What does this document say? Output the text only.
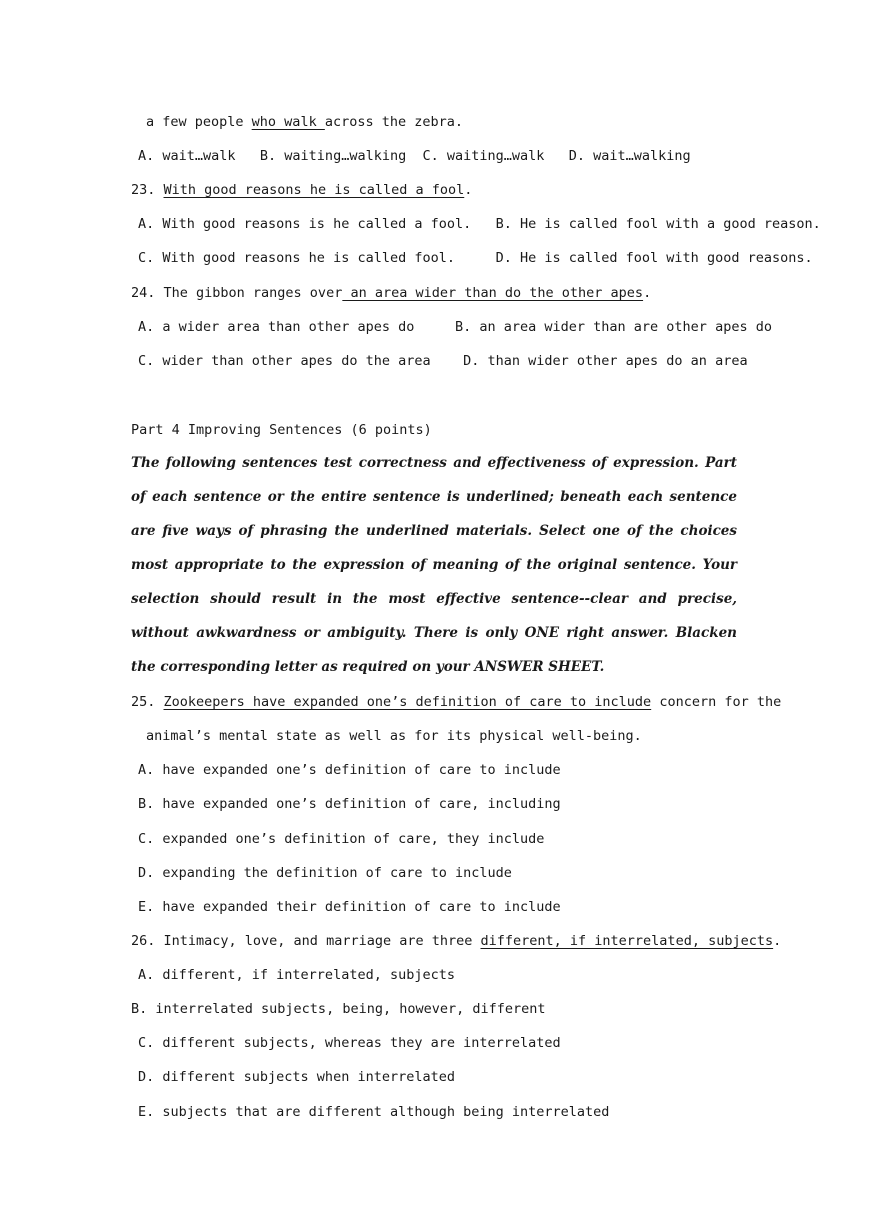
a few people who walk across the zebra.
A. wait…walk   B. waiting…walking  C. waiting…walk   D. wait…walking
23. With good reasons he is called a fool.
A. With good reasons is he called a fool.   B. He is called fool with a good reason.
C. With good reasons he is called fool.     D. He is called fool with good reasons.
24. The gibbon ranges over an area wider than do the other apes.
A. a wider area than other apes do     B. an area wider than are other apes do
C. wider than other apes do the area    D. than wider other apes do an area
Part 4 Improving Sentences (6 points)

The following sentences test correctness and effectiveness of expression. Part of each sentence or the entire sentence is underlined; beneath each sentence are five ways of phrasing the underlined materials. Select one of the choices most appropriate to the expression of meaning of the original sentence. Your selection should result in the most effective sentence--clear and precise, without awkwardness or ambiguity. There is only ONE right answer. Blacken the corresponding letter as required on your ANSWER SHEET.

25. Zookeepers have expanded one’s definition of care to include concern for the
animal’s mental state as well as for its physical well-being.
A. have expanded one’s definition of care to include
B. have expanded one’s definition of care, including
C. expanded one’s definition of care, they include
D. expanding the definition of care to include
E. have expanded their definition of care to include
26. Intimacy, love, and marriage are three different, if interrelated, subjects.
A. different, if interrelated, subjects
B. interrelated subjects, being, however, different
C. different subjects, whereas they are interrelated
D. different subjects when interrelated
E. subjects that are different although being interrelated
